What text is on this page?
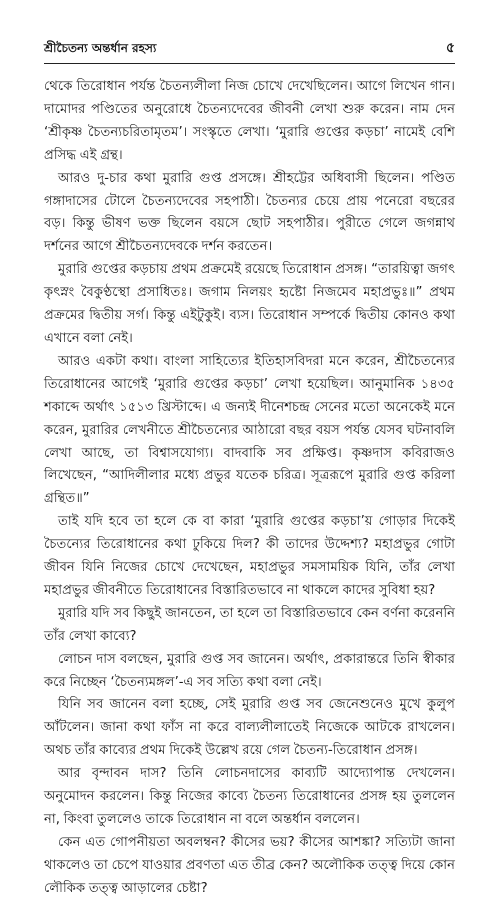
শ্রীচৈতন্য অন্তর্ধান রহস্য	৫

থেকে তিরোধান পর্যন্ত চৈতন্যলীলা নিজ চোখে দেখেছিলেন। আগে লিখেন গান। দামোদর পণ্ডিতের অনুরোধে চৈতন্যদেবের জীবনী লেখা শুরু করেন। নাম দেন ‘শ্রীকৃষ্ণ চৈতন্যচরিতামৃতম’। সংস্কৃতে লেখা। ‘মুরারি গুপ্তের কড়চা’ নামেই বেশি প্রসিদ্ধ এই গ্রন্থ।

আরও দু-চার কথা মুরারি গুপ্ত প্রসঙ্গে। শ্রীহট্টের অধিবাসী ছিলেন। পণ্ডিত গঙ্গাদাসের টোলে চৈতন্যদেবের সহপাঠী। চৈতন্যর চেয়ে প্রায় পনেরো বছরের বড়। কিন্তু ভীষণ ভক্ত ছিলেন বয়সে ছোট সহপাঠীর। পুরীতে গেলে জগন্নাথ দর্শনের আগে শ্রীচৈতন্যদেবকে দর্শন করতেন।

মুরারি গুপ্তের কড়চায় প্রথম প্রক্রমেই রয়েছে তিরোধান প্রসঙ্গ। “তারয়িত্বা জগৎ কৃৎস্নং বৈকুণ্ঠস্থো প্রসাধিতঃ। জগাম নিলয়ং হৃষ্টো নিজমেব মহাপ্রভুঃ॥” প্রথম প্রক্রমের দ্বিতীয় সর্গ। কিন্তু এইটুকুই। ব্যস। তিরোধান সম্পর্কে দ্বিতীয় কোনও কথা এখানে বলা নেই।

আরও একটা কথা। বাংলা সাহিত্যের ইতিহাসবিদরা মনে করেন, শ্রীচৈতন্যের তিরোধানের আগেই ‘মুরারি গুপ্তের কড়চা’ লেখা হয়েছিল। আনুমানিক ১৪৩৫ শকাব্দে অর্থাৎ ১৫১৩ খ্রিস্টাব্দে। এ জন্যই দীনেশচন্দ্র সেনের মতো অনেকেই মনে করেন, মুরারির লেখনীতে শ্রীচৈতন্যের আঠারো বছর বয়স পর্যন্ত যেসব ঘটনাবলি লেখা আছে, তা বিশ্বাসযোগ্য। বাদবাকি সব প্রক্ষিপ্ত। কৃষ্ণদাস কবিরাজও লিখেছেন, “আদিলীলার মধ্যে প্রভুর যতেক চরিত্র। সূত্ররূপে মুরারি গুপ্ত করিলা গ্রন্থিত॥”

তাই যদি হবে তা হলে কে বা কারা ‘মুরারি গুপ্তের কড়চা’য় গোড়ার দিকেই চৈতন্যের তিরোধানের কথা ঢুকিয়ে দিল? কী তাদের উদ্দেশ্য? মহাপ্রভুর গোটা জীবন যিনি নিজের চোখে দেখেছেন, মহাপ্রভুর সমসাময়িক যিনি, তাঁর লেখা মহাপ্রভুর জীবনীতে তিরোধানের বিস্তারিতভাবে না থাকলে কাদের সুবিধা হয়?

মুরারি যদি সব কিছুই জানতেন, তা হলে তা বিস্তারিতভাবে কেন বর্ণনা করেননি তাঁর লেখা কাব্যে?

লোচন দাস বলছেন, মুরারি গুপ্ত সব জানেন। অর্থাৎ, প্রকারান্তরে তিনি স্বীকার করে নিচ্ছেন ‘চৈতন্যমঙ্গল’-এ সব সত্যি কথা বলা নেই।

যিনি সব জানেন বলা হচ্ছে, সেই মুরারি গুপ্ত সব জেনেশুনেও মুখে কুলুপ আঁটলেন। জানা কথা ফাঁস না করে বাল্যলীলাতেই নিজেকে আটকে রাখলেন। অথচ তাঁর কাব্যের প্রথম দিকেই উল্লেখ রয়ে গেল চৈতন্য-তিরোধান প্রসঙ্গ।

আর বৃন্দাবন দাস? তিনি লোচনদাসের কাব্যটি আদ্যোপান্ত দেখলেন। অনুমোদন করলেন। কিন্তু নিজের কাব্যে চৈতন্য তিরোধানের প্রসঙ্গ হয় তুললেন না, কিংবা তুললেও তাকে তিরোধান না বলে অন্তর্ধান বললেন।

কেন এত গোপনীয়তা অবলম্বন? কীসের ভয়? কীসের আশঙ্কা? সত্যিটা জানা থাকলেও তা চেপে যাওয়ার প্রবণতা এত তীব্র কেন? অলৌকিক তত্ত্ব দিয়ে কোন লৌকিক তত্ত্ব আড়ালের চেষ্টা?
